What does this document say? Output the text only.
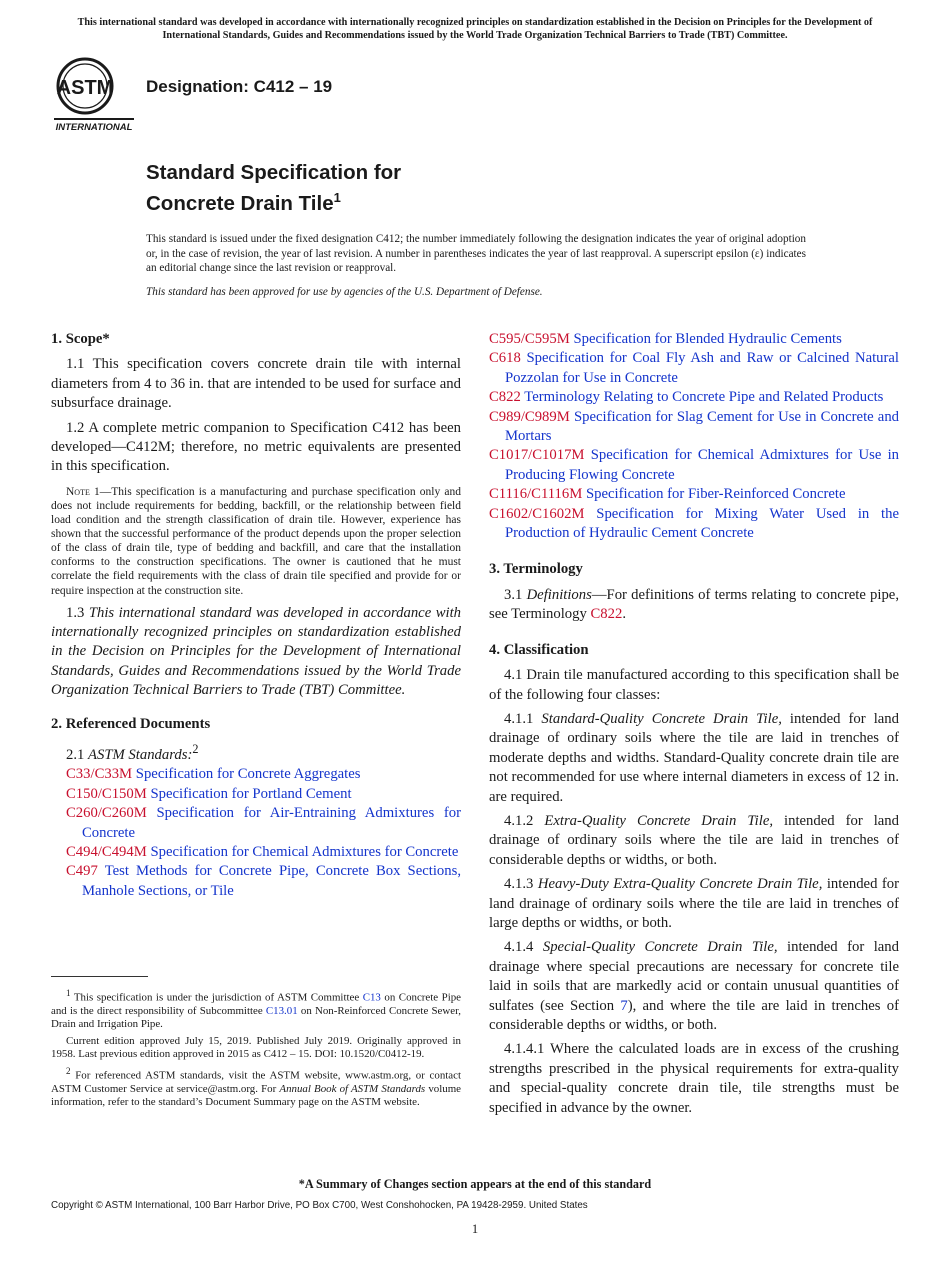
This international standard was developed in accordance with internationally recognized principles on standardization established in the Decision on Principles for the Development of International Standards, Guides and Recommendations issued by the World Trade Organization Technical Barriers to Trade (TBT) Committee.
ASTM
INTERNATIONAL
Designation: C412 – 19
Standard Specification for
Concrete Drain Tile$^1$
This standard is issued under the fixed designation C412; the number immediately following the designation indicates the year of original adoption or, in the case of revision, the year of last revision. A number in parentheses indicates the year of last reapproval. A superscript epsilon (ε) indicates an editorial change since the last revision or reapproval.
This standard has been approved for use by agencies of the U.S. Department of Defense.
1. Scope*

1.1 This specification covers concrete drain tile with internal diameters from 4 to 36 in. that are intended to be used for surface and subsurface drainage.

1.2 A complete metric companion to Specification C412 has been developed—C412M; therefore, no metric equivalents are presented in this specification.

Note 1—This specification is a manufacturing and purchase specification only and does not include requirements for bedding, backfill, or the relationship between field load condition and the strength classification of drain tile. However, experience has shown that the successful performance of the product depends upon the proper selection of the class of drain tile, type of bedding and backfill, and care that the installation conforms to the construction specifications. The owner is cautioned that he must correlate the field requirements with the class of drain tile specified and provide for or require inspection at the construction site.

1.3 This international standard was developed in accordance with internationally recognized principles on standardization established in the Decision on Principles for the Development of International Standards, Guides and Recommendations issued by the World Trade Organization Technical Barriers to Trade (TBT) Committee.

2. Referenced Documents

2.1 ASTM Standards:$^2$

C33/C33M Specification for Concrete Aggregates
C150/C150M Specification for Portland Cement
C260/C260M Specification for Air-Entraining Admixtures for Concrete
C494/C494M Specification for Chemical Admixtures for Concrete
C497 Test Methods for Concrete Pipe, Concrete Box Sections, Manhole Sections, or Tile
C595/C595M Specification for Blended Hydraulic Cements
C618 Specification for Coal Fly Ash and Raw or Calcined Natural Pozzolan for Use in Concrete
C822 Terminology Relating to Concrete Pipe and Related Products
C989/C989M Specification for Slag Cement for Use in Concrete and Mortars
C1017/C1017M Specification for Chemical Admixtures for Use in Producing Flowing Concrete
C1116/C1116M Specification for Fiber-Reinforced Concrete
C1602/C1602M Specification for Mixing Water Used in the Production of Hydraulic Cement Concrete
3. Terminology

3.1 Definitions—For definitions of terms relating to concrete pipe, see Terminology C822.

4. Classification

4.1 Drain tile manufactured according to this specification shall be of the following four classes:

4.1.1 Standard-Quality Concrete Drain Tile, intended for land drainage of ordinary soils where the tile are laid in trenches of moderate depths and widths. Standard-Quality concrete drain tile are not recommended for use where internal diameters in excess of 12 in. are required.

4.1.2 Extra-Quality Concrete Drain Tile, intended for land drainage of ordinary soils where the tile are laid in trenches of considerable depths or widths, or both.

4.1.3 Heavy-Duty Extra-Quality Concrete Drain Tile, intended for land drainage of ordinary soils where the tile are laid in trenches of large depths or widths, or both.

4.1.4 Special-Quality Concrete Drain Tile, intended for land drainage where special precautions are necessary for concrete tile laid in soils that are markedly acid or contain unusual quantities of sulfates (see Section 7), and where the tile are laid in trenches of considerable depths or widths, or both.

4.1.4.1 Where the calculated loads are in excess of the crushing strengths prescribed in the physical requirements for extra-quality and special-quality concrete drain tile, tile strengths must be specified in advance by the owner.

$^1$ This specification is under the jurisdiction of ASTM Committee C13 on Concrete Pipe and is the direct responsibility of Subcommittee C13.01 on Non-Reinforced Concrete Sewer, Drain and Irrigation Pipe.

Current edition approved July 15, 2019. Published July 2019. Originally approved in 1958. Last previous edition approved in 2015 as C412 – 15. DOI: 10.1520/C0412-19.

$^2$ For referenced ASTM standards, visit the ASTM website, www.astm.org, or contact ASTM Customer Service at service@astm.org. For Annual Book of ASTM Standards volume information, refer to the standard’s Document Summary page on the ASTM website.

*A Summary of Changes section appears at the end of this standard
Copyright © ASTM International, 100 Barr Harbor Drive, PO Box C700, West Conshohocken, PA 19428-2959. United States
1
